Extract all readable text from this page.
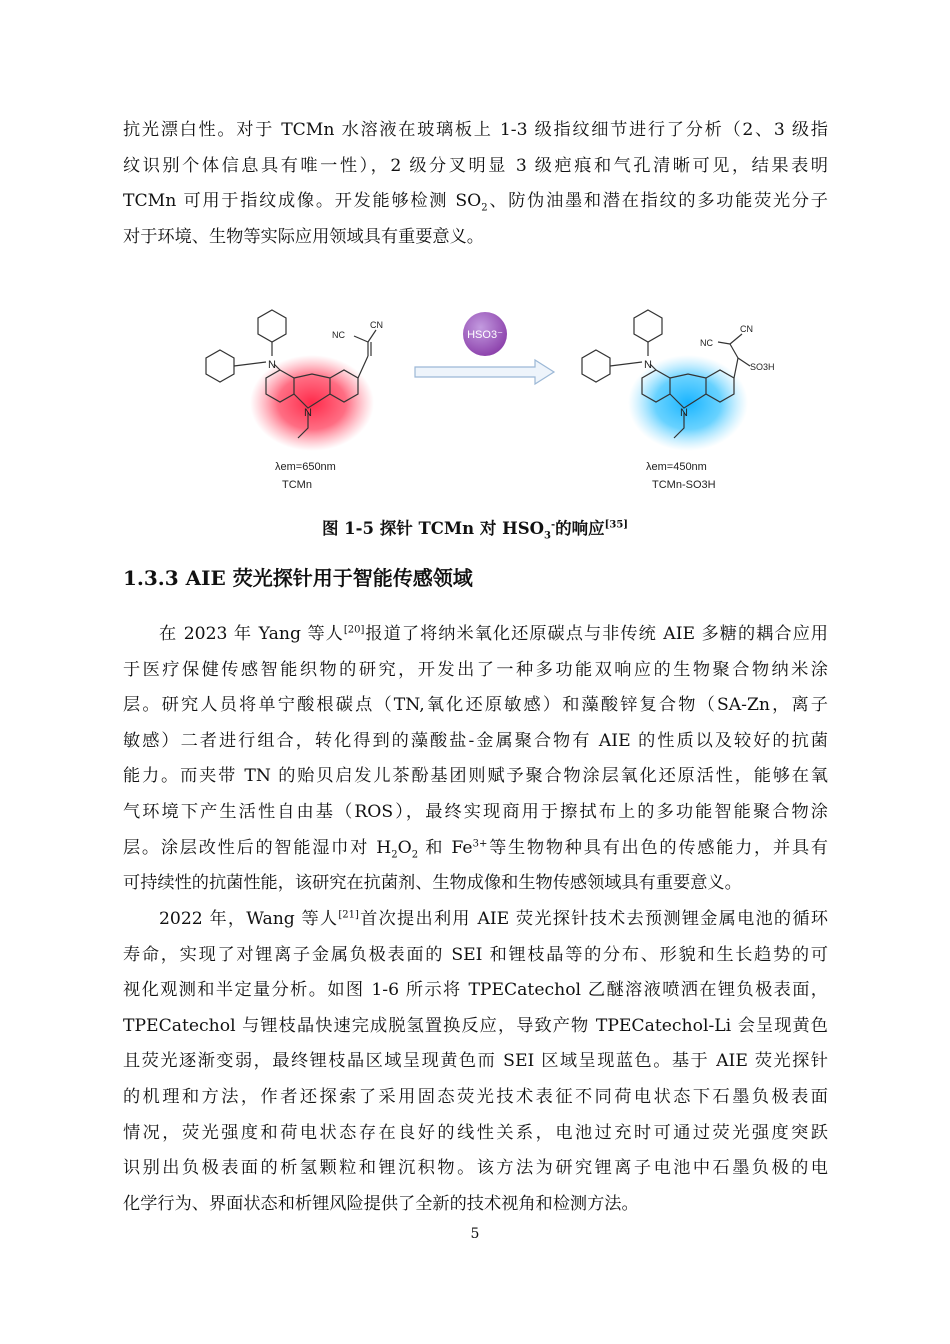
抗光漂白性。对于 TCMn 水溶液在玻璃板上 1-3 级指纹细节进行了分析（2、3 级指
纹识别个体信息具有唯一性），2 级分叉明显 3 级疤痕和气孔清晰可见，结果表明
TCMn 可用于指纹成像。开发能够检测 $SO_2$、防伪油墨和潜在指纹的多功能荧光分子
对于环境、生物等实际应用领域具有重要意义。
N
N
NC
CN
λem=650nm
TCMn
HSO3⁻
N
N
NC
CN
SO3H
λem=450nm
TCMn-SO3H

图 1-5 探针 TCMn 对 $HSO_3^-$的响应[35]

1.3.3 AIE 荧光探针用于智能传感领域
在 2023 年 Yang 等人[20]报道了将纳米氧化还原碳点与非传统 AIE 多糖的耦合应用
于医疗保健传感智能织物的研究，开发出了一种多功能双响应的生物聚合物纳米涂
层。研究人员将单宁酸根碳点（TN,氧化还原敏感）和藻酸锌复合物（SA-Zn，离子
敏感）二者进行组合，转化得到的藻酸盐-金属聚合物有 AIE 的性质以及较好的抗菌
能力。而夹带 TN 的贻贝启发儿茶酚基团则赋予聚合物涂层氧化还原活性，能够在氧
气环境下产生活性自由基（ROS），最终实现商用于擦拭布上的多功能智能聚合物涂
层。涂层改性后的智能湿巾对 $H_2O_2$ 和 $Fe^{3+}$等生物物种具有出色的传感能力，并具有
可持续性的抗菌性能，该研究在抗菌剂、生物成像和生物传感领域具有重要意义。
2022 年，Wang 等人[21]首次提出利用 AIE 荧光探针技术去预测锂金属电池的循环
寿命，实现了对锂离子金属负极表面的 SEI 和锂枝晶等的分布、形貌和生长趋势的可
视化观测和半定量分析。如图 1-6 所示将 TPECatechol 乙醚溶液喷洒在锂负极表面，
TPECatechol 与锂枝晶快速完成脱氢置换反应，导致产物 TPECatechol-Li 会呈现黄色
且荧光逐渐变弱，最终锂枝晶区域呈现黄色而 SEI 区域呈现蓝色。基于 AIE 荧光探针
的机理和方法，作者还探索了采用固态荧光技术表征不同荷电状态下石墨负极表面
情况，荧光强度和荷电状态存在良好的线性关系，电池过充时可通过荧光强度突跃
识别出负极表面的析氢颗粒和锂沉积物。该方法为研究锂离子电池中石墨负极的电
化学行为、界面状态和析锂风险提供了全新的技术视角和检测方法。
5
